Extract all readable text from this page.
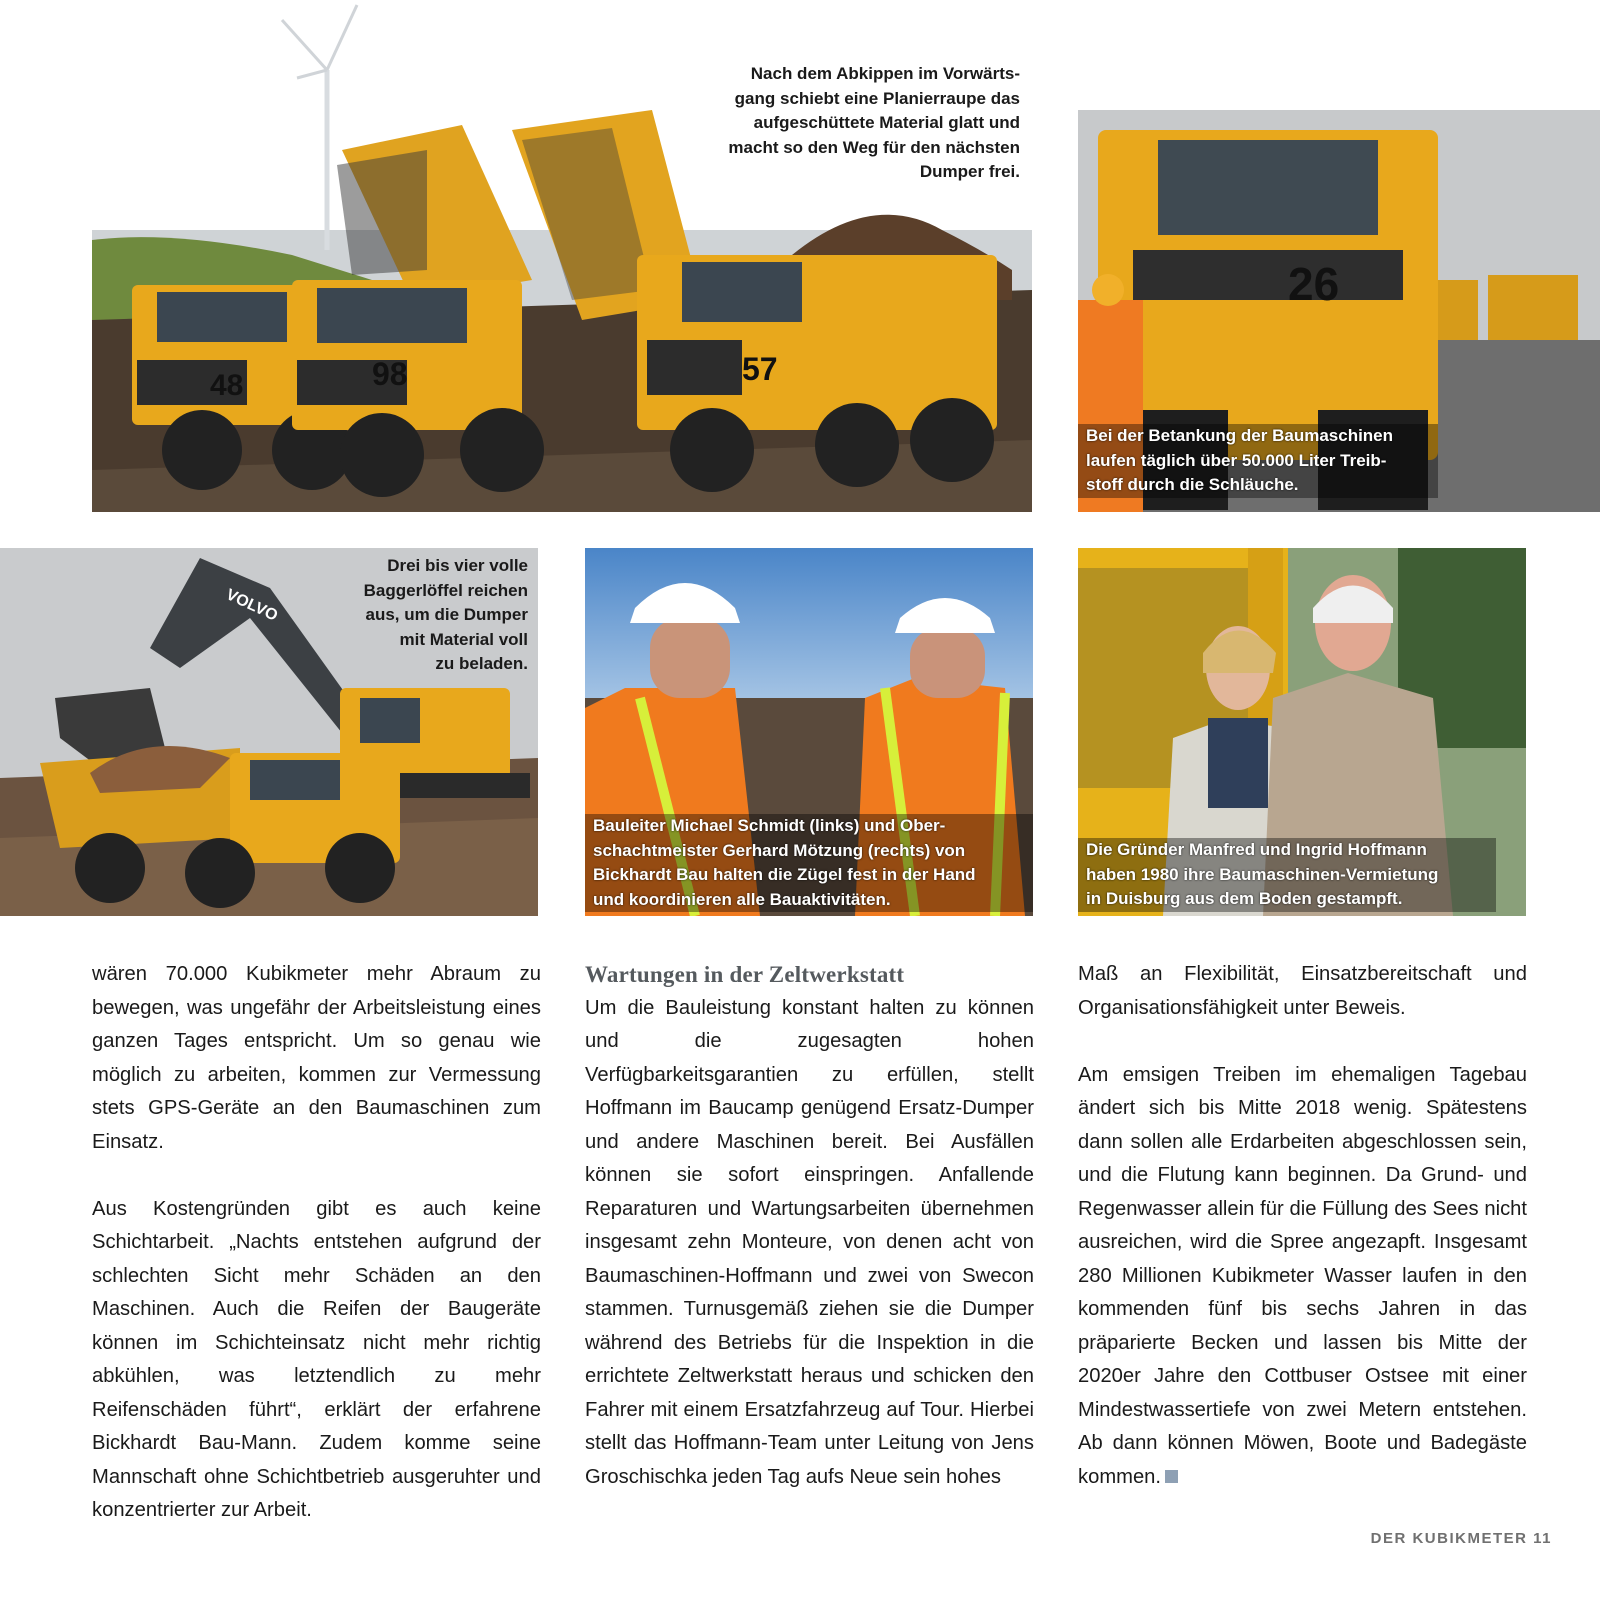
48	98	57
Nach dem Abkippen im Vorwärts-
gang schiebt eine Planierraupe das
aufgeschüttete Material glatt und
macht so den Weg für den nächsten
Dumper frei.
26
Bei der Betankung der Baumaschinen
laufen täglich über 50.000 Liter Treib-
stoff durch die Schläuche.
VOLVO
Drei bis vier volle
Baggerlöffel reichen
aus, um die Dumper
mit Material voll
zu beladen.
Bauleiter Michael Schmidt (links) und Ober-
schachtmeister Gerhard Mötzung (rechts) von
Bickhardt Bau halten die Zügel fest in der Hand
und koordinieren alle Bauaktivitäten.
Die Gründer Manfred und Ingrid Hoffmann
haben 1980 ihre Baumaschinen-Vermietung
in Duisburg aus dem Boden gestampft.

wären 70.000 Kubikmeter mehr Abraum zu bewegen, was ungefähr der Arbeitsleistung eines ganzen Tages entspricht. Um so genau wie möglich zu arbeiten, kommen zur Vermessung stets GPS-Geräte an den Baumaschinen zum Einsatz.

Aus Kostengründen gibt es auch keine Schichtarbeit. „Nachts entstehen aufgrund der schlechten Sicht mehr Schäden an den Maschinen. Auch die Reifen der Baugeräte können im Schichteinsatz nicht mehr richtig abkühlen, was letztendlich zu mehr Reifenschäden führt“, erklärt der erfahrene Bickhardt Bau-Mann. Zudem komme seine Mannschaft ohne Schichtbetrieb ausgeruhter und konzentrierter zur Arbeit.

Wartungen in der Zeltwerkstatt

Um die Bauleistung konstant halten zu können und die zugesagten hohen Verfügbarkeitsgarantien zu erfüllen, stellt Hoffmann im Baucamp genügend Ersatz-Dumper und andere Maschinen bereit. Bei Ausfällen können sie sofort einspringen. Anfallende Reparaturen und Wartungsarbeiten übernehmen insgesamt zehn Monteure, von denen acht von Baumaschinen-Hoffmann und zwei von Swecon stammen. Turnusgemäß ziehen sie die Dumper während des Betriebs für die Inspektion in die errichtete Zeltwerkstatt heraus und schicken den Fahrer mit einem Ersatzfahrzeug auf Tour. Hierbei stellt das Hoffmann-Team unter Leitung von Jens Groschischka jeden Tag aufs Neue sein hohes

Maß an Flexibilität, Einsatzbereitschaft und Organisationsfähigkeit unter Beweis.

Am emsigen Treiben im ehemaligen Tagebau ändert sich bis Mitte 2018 wenig. Spätestens dann sollen alle Erdarbeiten abgeschlossen sein, und die Flutung kann beginnen. Da Grund- und Regenwasser allein für die Füllung des Sees nicht ausreichen, wird die Spree angezapft. Insgesamt 280 Millionen Kubikmeter Wasser laufen in den kommenden fünf bis sechs Jahren in das präparierte Becken und lassen bis Mitte der 2020er Jahre den Cottbuser Ostsee mit einer Mindestwassertiefe von zwei Metern entstehen. Ab dann können Möwen, Boote und Badegäste kommen.

DER KUBIKMETER 11
